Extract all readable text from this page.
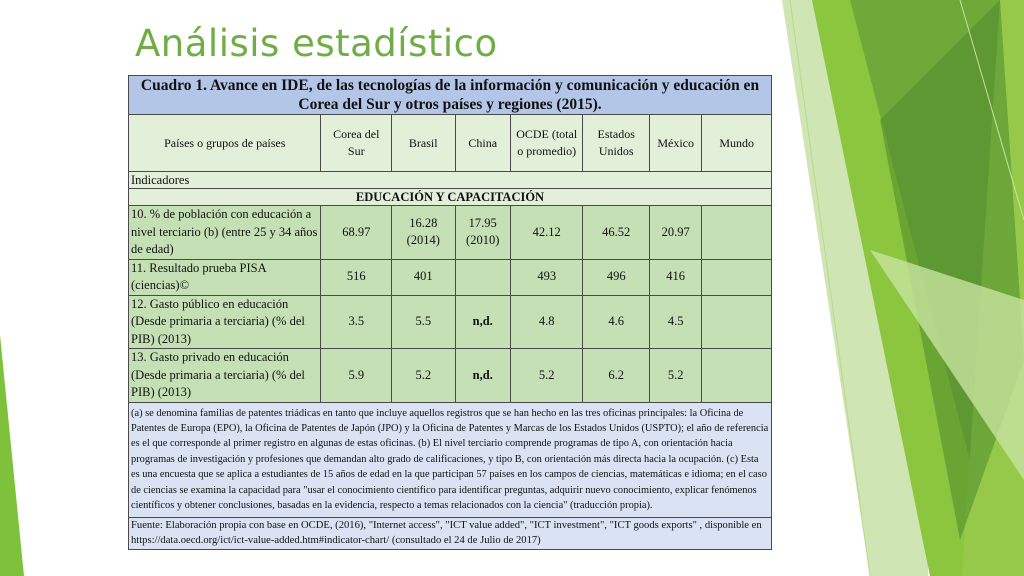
Análisis estadístico
Cuadro 1. Avance en IDE, de las tecnologías de la información y comunicación y educación en Corea del Sur y otros países y regiones (2015).							
Países o grupos de países	Corea del Sur	Brasil	China	OCDE (total o promedio)	Estados Unidos	México	Mundo
Indicadores							
EDUCACIÓN Y CAPACITACIÓN							
10. % de población con educación a nivel terciario (b) (entre 25 y 34 años de edad)	68.97	16.28 (2014)	17.95 (2010)	42.12	46.52	20.97	
11. Resultado prueba PISA (ciencias)©	516	401		493	496	416	
12. Gasto público en educación (Desde primaria a terciaria) (% del PIB) (2013)	3.5	5.5	n,d.	4.8	4.6	4.5	
13. Gasto privado en educación (Desde primaria a terciaria) (% del PIB) (2013)	5.9	5.2	n,d.	5.2	6.2	5.2	
(a) se denomina familias de patentes triádicas en tanto que incluye aquellos registros que se han hecho en las tres oficinas principales: la Oficina de Patentes de Europa (EPO), la Oficina de Patentes de Japón (JPO) y la Oficina de Patentes y Marcas de los Estados Unidos (USPTO); el año de referencia es el que corresponde al primer registro en algunas de estas oficinas. (b) El nivel terciario comprende programas de tipo A, con orientación hacia programas de investigación y profesiones que demandan alto grado de calificaciones, y tipo B, con orientación más directa hacia la ocupación. (c) Esta es una encuesta que se aplica a estudiantes de 15 años de edad en la que participan 57 países en los campos de ciencias, matemáticas e idioma; en el caso de ciencias se examina la capacidad para "usar el conocimiento científico para identificar preguntas, adquirir nuevo conocimiento, explicar fenómenos científicos y obtener conclusiones, basadas en la evidencia, respecto a temas relacionados con la ciencia" (traducción propia).							
Fuente: Elaboración propia con base en OCDE, (2016), "Internet access", "ICT value added", "ICT investment", "ICT goods exports" , disponible en https://data.oecd.org/ict/ict-value-added.htm#indicator-chart/ (consultado el 24 de Julio de 2017)							
